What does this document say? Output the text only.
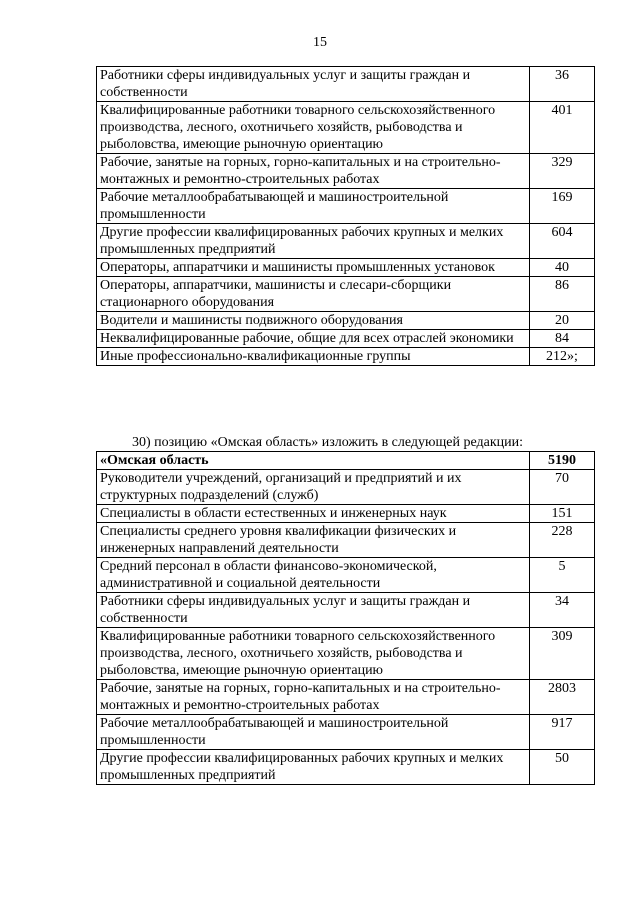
15
Работники сферы индивидуальных услуг и защиты граждан и собственности	36
Квалифицированные работники товарного сельскохозяйственного производства, лесного, охотничьего хозяйств, рыбоводства и рыболовства, имеющие рыночную ориентацию	401
Рабочие, занятые на горных, горно-капитальных и на строительно-монтажных и ремонтно-строительных работах	329
Рабочие металлообрабатывающей и машиностроительной промышленности	169
Другие профессии квалифицированных рабочих крупных и мелких промышленных предприятий	604
Операторы, аппаратчики и машинисты промышленных установок	40
Операторы, аппаратчики, машинисты и слесари-сборщики стационарного оборудования	86
Водители и машинисты подвижного оборудования	20
Неквалифицированные рабочие, общие для всех отраслей экономики	84
Иные профессионально-квалификационные группы	212»;
30) позицию «Омская область» изложить в следующей редакции:
«Омская область	5190
Руководители учреждений, организаций и предприятий и их структурных подразделений (служб)	70
Специалисты в области естественных и инженерных наук	151
Специалисты среднего уровня квалификации физических и инженерных направлений деятельности	228
Средний персонал в области финансово-экономической, административной и социальной деятельности	5
Работники сферы индивидуальных услуг и защиты граждан и собственности	34
Квалифицированные работники товарного сельскохозяйственного производства, лесного, охотничьего хозяйств, рыбоводства и рыболовства, имеющие рыночную ориентацию	309
Рабочие, занятые на горных, горно-капитальных и на строительно-монтажных и ремонтно-строительных работах	2803
Рабочие металлообрабатывающей и машиностроительной промышленности	917
Другие профессии квалифицированных рабочих крупных и мелких промышленных предприятий	50
